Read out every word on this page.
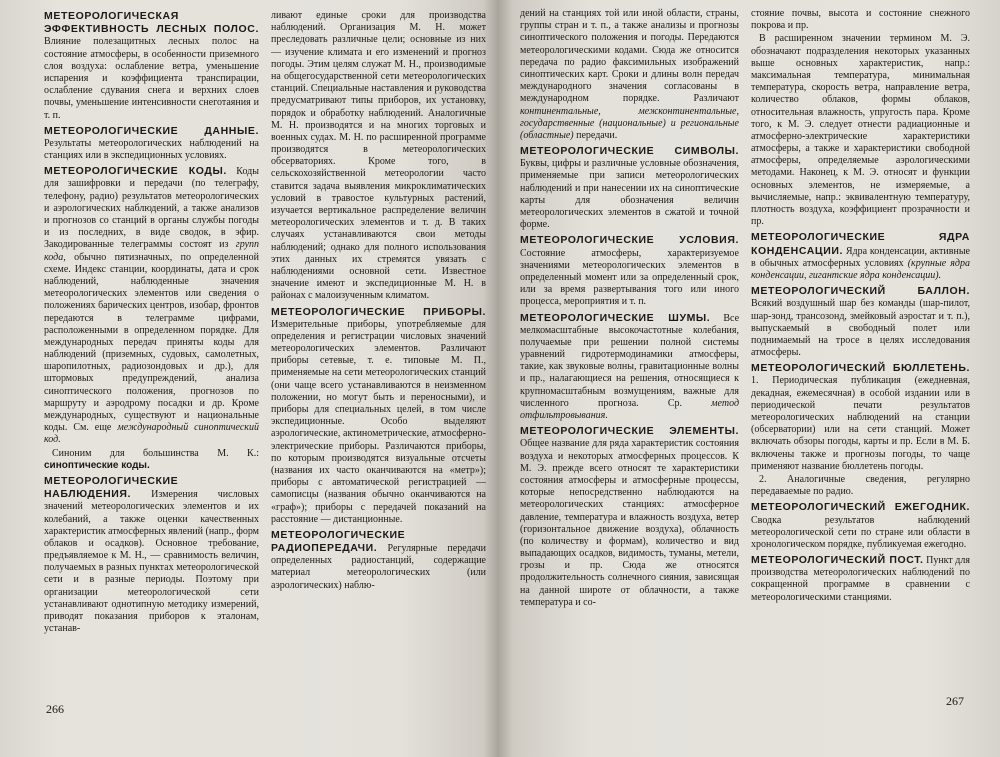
МЕТЕОРОЛОГИЧЕСКАЯ ЭФФЕКТИВНОСТЬ ЛЕСНЫХ ПОЛОС. Влияние полезащитных лесных полос на состояние атмосферы, в особенности приземного слоя воздуха: ослабление ветра, уменьшение испарения и коэффициента транспирации, ослабление сдувания снега и верхних слоев почвы, уменьшение интенсивности снеготаяния и т. п.

МЕТЕОРОЛОГИЧЕСКИЕ ДАННЫЕ. Результаты метеорологических наблюдений на станциях или в экспедиционных условиях.

МЕТЕОРОЛОГИЧЕСКИЕ КОДЫ. Коды для зашифровки и передачи (по телеграфу, телефону, радио) результатов метеорологических и аэрологических наблюдений, а также анализов и прогнозов со станций в органы службы погоды и из последних, в виде сводок, в эфир. Закодированные телеграммы состоят из групп кода, обычно пятизначных, по определенной схеме. Индекс станции, координаты, дата и срок наблюдений, наблюденные значения метеорологических элементов или сведения о положениях барических центров, изобар, фронтов передаются в телеграмме цифрами, расположенными в определенном порядке. Для международных передач приняты коды для наблюдений (приземных, судовых, самолетных, шаропилотных, радиозондовых и др.), для штормовых предупреждений, анализа синоптического положения, прогнозов по маршруту и аэродрому посадки и др. Кроме международных, существуют и национальные коды. См. еще международный синоптический код.

Синоним для большинства М. К.: синоптические коды.

МЕТЕОРОЛОГИЧЕСКИЕ НАБЛЮДЕНИЯ. Измерения числовых значений метеорологических элементов и их колебаний, а также оценки качественных характеристик атмосферных явлений (напр., форм облаков и осадков). Основное требование, предъявляемое к М. Н., — сравнимость величин, получаемых в разных пунктах метеорологической сети и в разные периоды. Поэтому при организации метеорологической сети устанавливают однотипную методику измерений, приводят показания приборов к эталонам, устанав-

ливают единые сроки для производства наблюдений. Организация М. Н. может преследовать различные цели; основные из них — изучение климата и его изменений и прогноз погоды. Этим целям служат М. Н., производимые на общегосударственной сети метеорологических станций. Специальные наставления и руководства предусматривают типы приборов, их установку, порядок и обработку наблюдений. Аналогичные М. Н. производятся и на многих торговых и военных судах. М. Н. по расширенной программе производятся в метеорологических обсерваториях. Кроме того, в сельскохозяйственной метеорологии часто ставится задача выявления микроклиматических условий в травостое культурных растений, изучается вертикальное распределение величин метеорологических элементов и т. д. В таких случаях устанавливаются свои методы наблюдений; однако для полного использования этих данных их стремятся увязать с наблюдениями основной сети. Известное значение имеют и экспедиционные М. Н. в районах с малоизученным климатом.

МЕТЕОРОЛОГИЧЕСКИЕ ПРИБОРЫ. Измерительные приборы, употребляемые для определения и регистрации числовых значений метеорологических элементов. Различают приборы сетевые, т. е. типовые М. П., применяемые на сети метеорологических станций (они чаще всего устанавливаются в неизменном положении, но могут быть и переносными), и приборы для специальных целей, в том числе экспедиционные. Особо выделяют аэрологические, актинометрические, атмосферно-электрические приборы. Различаются приборы, по которым производятся визуальные отсчеты (названия их часто оканчиваются на «метр»); приборы с автоматической регистрацией — самописцы (названия обычно оканчиваются на «граф»); приборы с передачей показаний на расстояние — дистанционные.

МЕТЕОРОЛОГИЧЕСКИЕ РАДИОПЕРЕДАЧИ. Регулярные передачи определенных радиостанций, содержащие материал метеорологических (или аэрологических) наблю-

266

дений на станциях той или иной области, страны, группы стран и т. п., а также анализы и прогнозы синоптического положения и погоды. Передаются метеорологическими кодами. Сюда же относится передача по радио факсимильных изображений синоптических карт. Сроки и длины волн передач международного значения согласованы в международном порядке. Различают континентальные, межконтинентальные, государственные (национальные) и региональные (областные) передачи.

МЕТЕОРОЛОГИЧЕСКИЕ СИМВОЛЫ. Буквы, цифры и различные условные обозначения, применяемые при записи метеорологических наблюдений и при нанесении их на синоптические карты для обозначения величин метеорологических элементов в сжатой и точной форме.

МЕТЕОРОЛОГИЧЕСКИЕ УСЛОВИЯ. Состояние атмосферы, характеризуемое значениями метеорологических элементов в определенный момент или за определенный срок, или за время развертывания того или иного процесса, мероприятия и т. п.

МЕТЕОРОЛОГИЧЕСКИЕ ШУМЫ. Все мелкомасштабные высокочастотные колебания, получаемые при решении полной системы уравнений гидротермодинамики атмосферы, такие, как звуковые волны, гравитационные волны и пр., налагающиеся на решения, относящиеся к крупномасштабным возмущениям, важные для численного прогноза. Ср.	метод отфильтровывания.

МЕТЕОРОЛОГИЧЕСКИЕ ЭЛЕМЕНТЫ. Общее название для ряда характеристик состояния воздуха и некоторых атмосферных процессов. К М. Э. прежде всего относят те характеристики состояния атмосферы и атмосферные процессы, которые непосредственно наблюдаются на метеорологических станциях: атмосферное давление, температура и влажность воздуха, ветер (горизонтальное движение воздуха), облачность (по количеству и формам), количество и вид выпадающих осадков, видимость, туманы, метели, грозы и пр. Сюда же относятся продолжительность солнечного сияния, зависящая на данной широте от облачности, а также температура и со-

стояние почвы, высота и состояние снежного покрова и пр.

В расширенном значении термином М. Э. обозначают подразделения некоторых указанных выше основных характеристик, напр.: максимальная температура, минимальная температура, скорость ветра, направление ветра, количество облаков, формы облаков, относительная влажность, упругость пара. Кроме того, к М. Э. следует отнести радиационные и атмосферно-электрические характеристики атмосферы, а также и характеристики свободной атмосферы, определяемые аэрологическими методами. Наконец, к М. Э. относят и функции основных элементов, не измеряемые, а вычисляемые, напр.: эквивалентную температуру, плотность воздуха, коэффициент прозрачности и пр.

МЕТЕОРОЛОГИЧЕСКИЕ ЯДРА КОНДЕНСАЦИИ. Ядра конденсации, активные в обычных атмосферных условиях (крупные ядра конденсации, гигантские ядра конденсации).

МЕТЕОРОЛОГИЧЕСКИЙ БАЛЛОН. Всякий воздушный шар без команды (шар-пилот, шар-зонд, трансозонд, змейковый аэростат и т. п.), выпускаемый в свободный полет или поднимаемый на тросе в целях исследования атмосферы.

МЕТЕОРОЛОГИЧЕСКИЙ БЮЛЛЕТЕНЬ. 1. Периодическая публикация (ежедневная, декадная, ежемесячная) в особой издании или в периодической печати результатов метеорологических наблюдений на станции (обсерватории) или на сети станций. Может включать обзоры погоды, карты и пр. Если в М. Б. включены также и прогнозы погоды, то чаще применяют название бюллетень погоды.

2. Аналогичные сведения, регулярно передаваемые по радио.

МЕТЕОРОЛОГИЧЕСКИЙ ЕЖЕГОДНИК. Сводка результатов наблюдений метеорологической сети по стране или области в хронологическом порядке, публикуемая ежегодно.

МЕТЕОРОЛОГИЧЕСКИЙ ПОСТ. Пункт для производства метеорологических наблюдений по сокращенной программе в сравнении с метеорологическими станциями.

267
